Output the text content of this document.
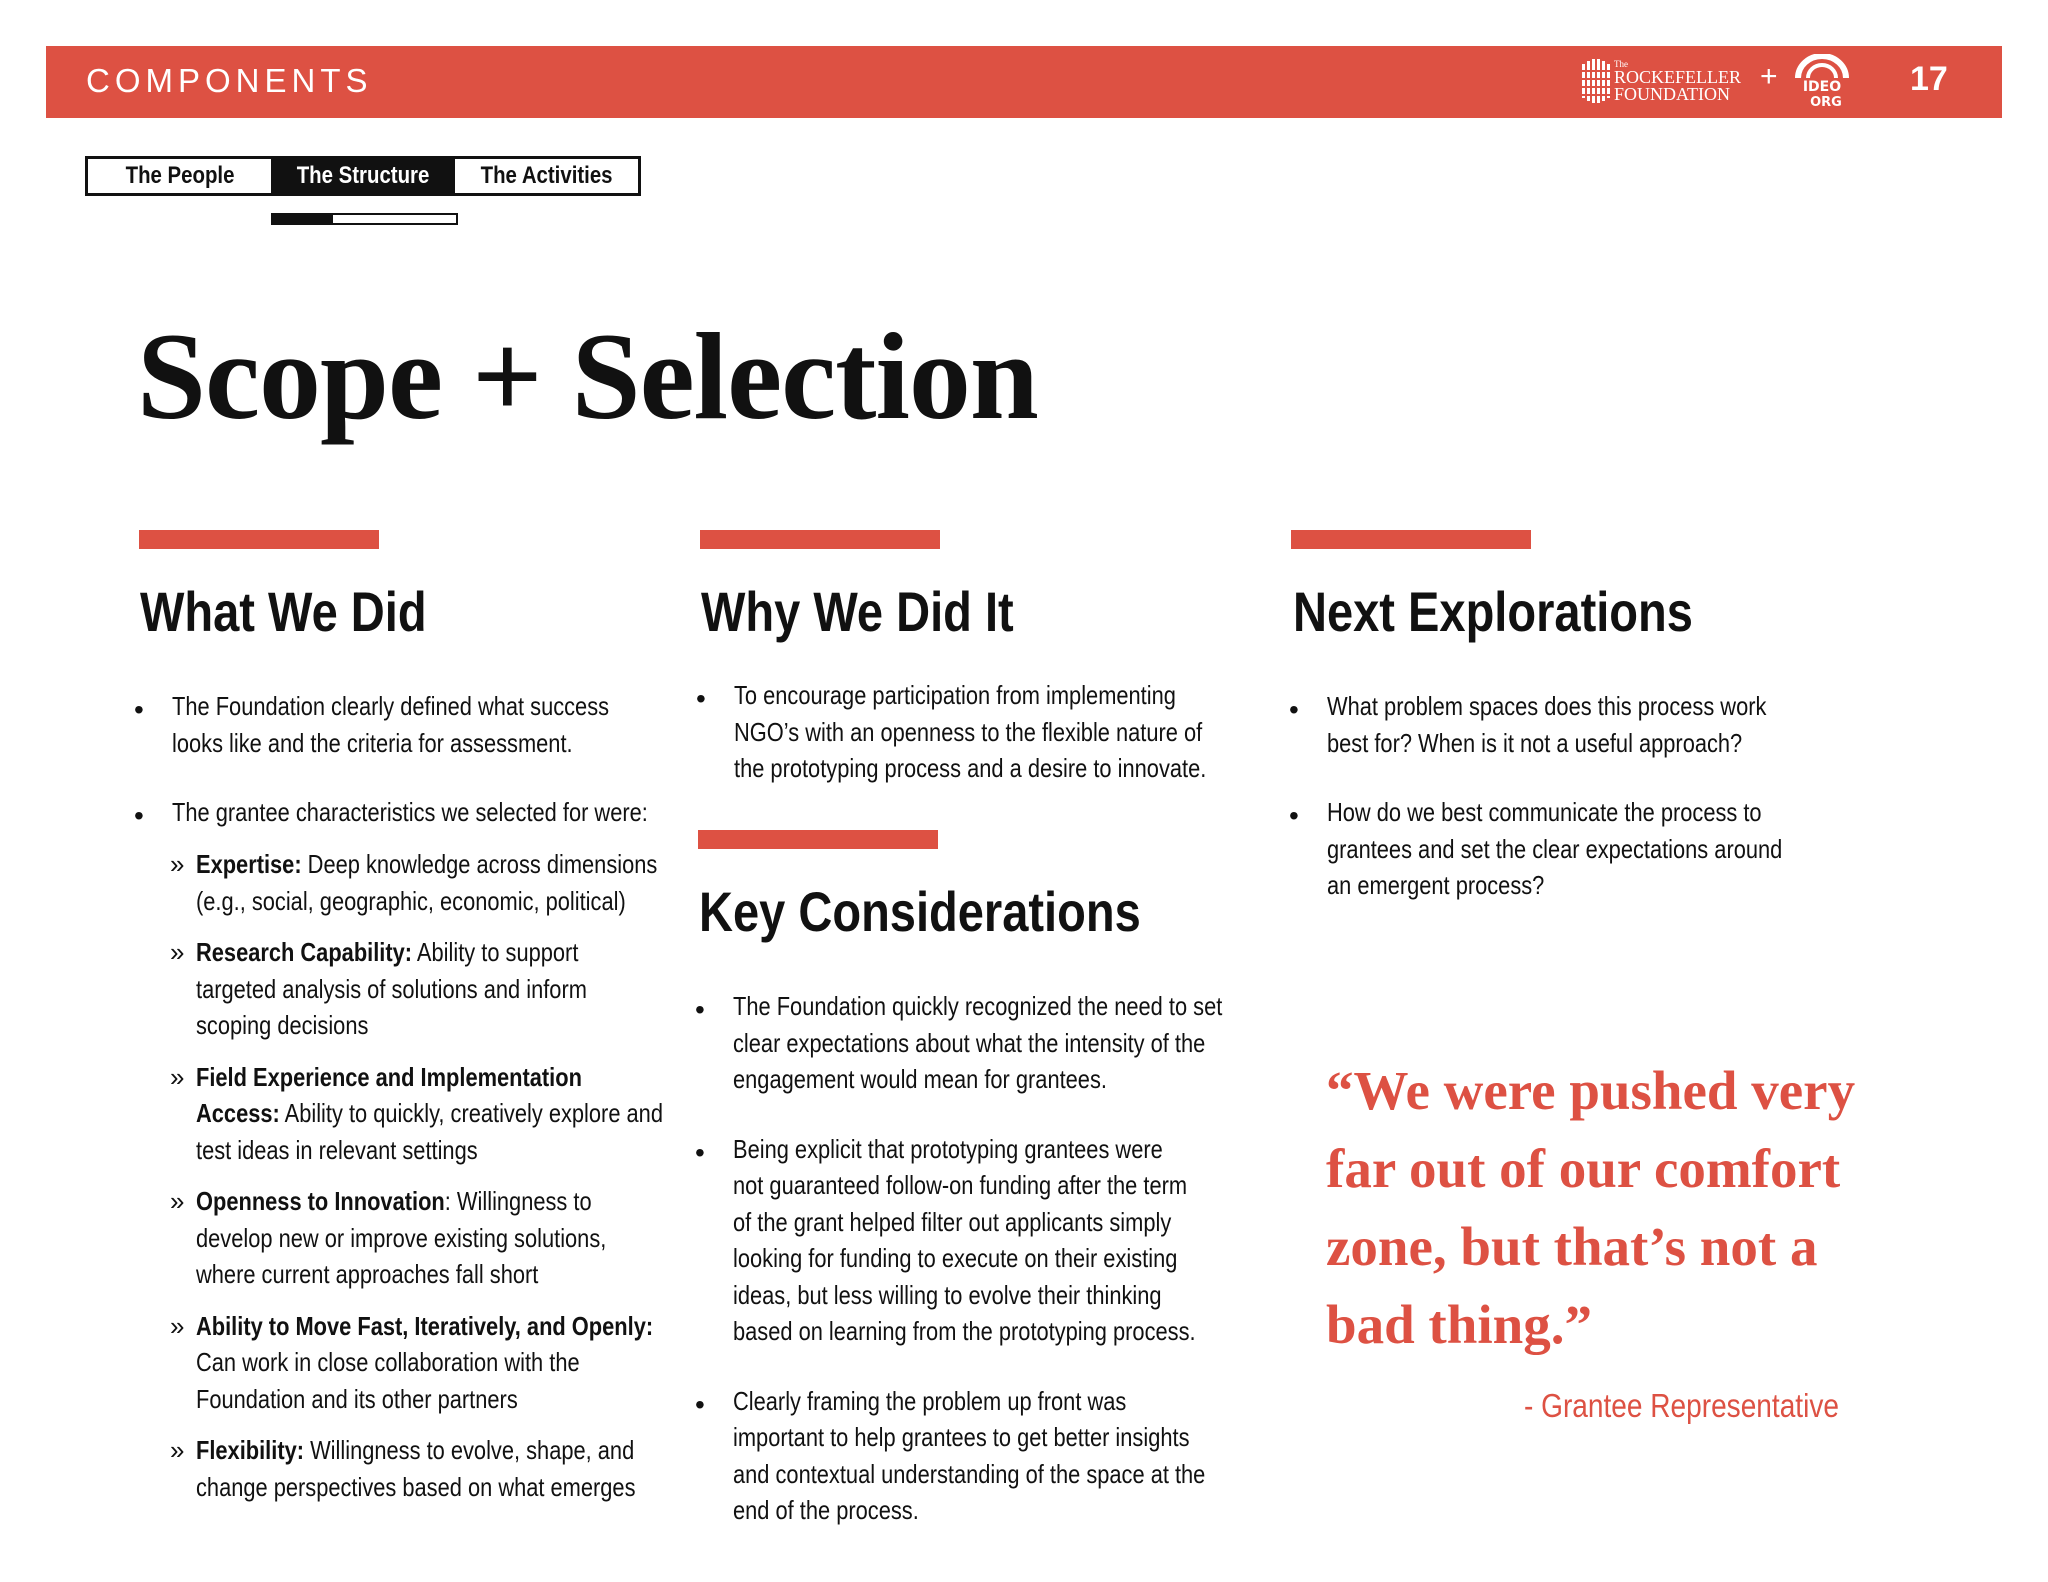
COMPONENTS	The
ROCKEFELLER
FOUNDATION
+ IDEO
ORG
17
The People	The Structure The Activities
Scope + Selection
What We Did
• The Foundation clearly defined what success
looks like and the criteria for assessment.
• The grantee characteristics we selected for were:
» Expertise: Deep knowledge across dimensions
(e.g., social, geographic, economic, political)
» Research Capability: Ability to support
targeted analysis of solutions and inform
scoping decisions
» Field Experience and Implementation
Access: Ability to quickly, creatively explore and
test ideas in relevant settings
» Openness to Innovation: Willingness to
develop new or improve existing solutions,
where current approaches fall short
» Ability to Move Fast, Iteratively, and Openly:
Can work in close collaboration with the
Foundation and its other partners
» Flexibility: Willingness to evolve, shape, and
change perspectives based on what emerges
Why We Did It
• To encourage participation from implementing
NGO’s with an openness to the flexible nature of
the prototyping process and a desire to innovate.
Key Considerations
• The Foundation quickly recognized the need to set
clear expectations about what the intensity of the
engagement would mean for grantees.
• Being explicit that prototyping grantees were
not guaranteed follow-on funding after the term
of the grant helped filter out applicants simply
looking for funding to execute on their existing
ideas, but less willing to evolve their thinking
based on learning from the prototyping process.
• Clearly framing the problem up front was
important to help grantees to get better insights
and contextual understanding of the space at the
end of the process.
Next Explorations
• What problem spaces does this process work
best for? When is it not a useful approach?
• How do we best communicate the process to
grantees and set the clear expectations around
an emergent process?

“We were pushed very far out of our comfort zone, but that’s not a bad thing.”

- Grantee Representative
